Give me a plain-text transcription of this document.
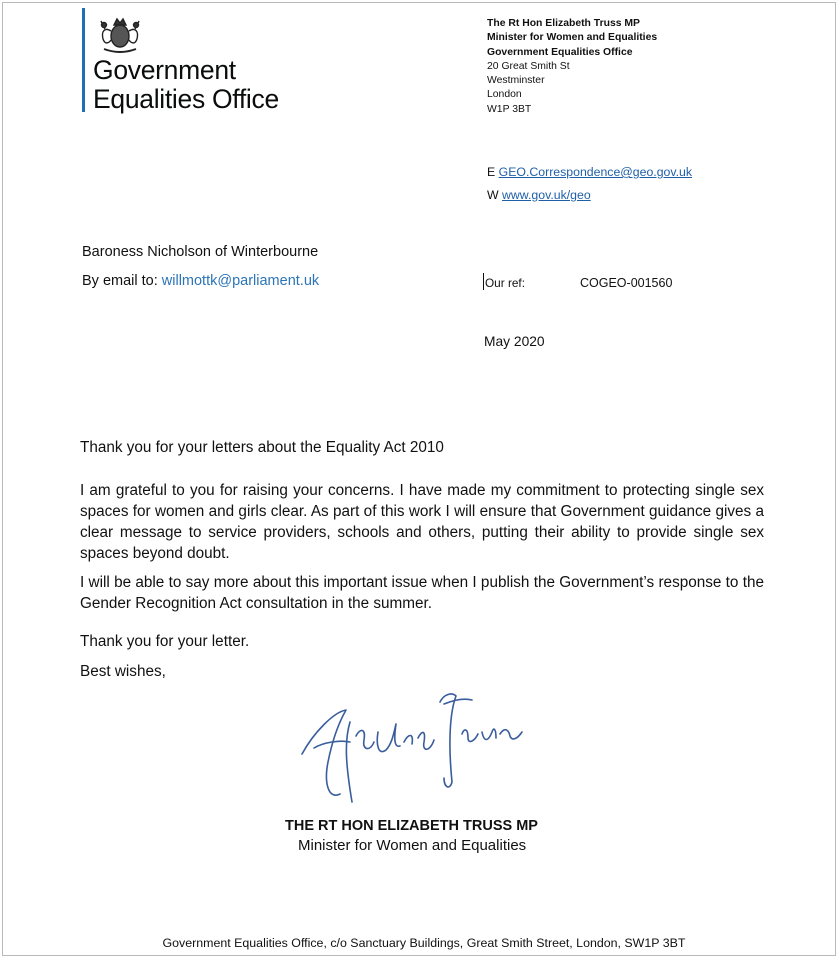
Government
Equalities Office
The Rt Hon Elizabeth Truss MP
Minister for Women and Equalities
Government Equalities Office
20 Great Smith St
Westminster
London
W1P 3BT
E GEO.Correspondence@geo.gov.uk
W www.gov.uk/geo
Baroness Nicholson of Winterbourne
By email to: willmottk@parliament.uk	Our ref:	COGEO-001560
May 2020

Thank you for your letters about the Equality Act 2010

I am grateful to you for raising your concerns. I have made my commitment to protecting single sex spaces for women and girls clear. As part of this work I will ensure that Government guidance gives a clear message to service providers, schools and others, putting their ability to provide single sex spaces beyond doubt.

I will be able to say more about this important issue when I publish the Government’s response to the Gender Recognition Act consultation in the summer.

Thank you for your letter.
Best wishes,
THE RT HON ELIZABETH TRUSS MP
Minister for Women and Equalities
Government Equalities Office, c/o Sanctuary Buildings, Great Smith Street, London, SW1P 3BT
